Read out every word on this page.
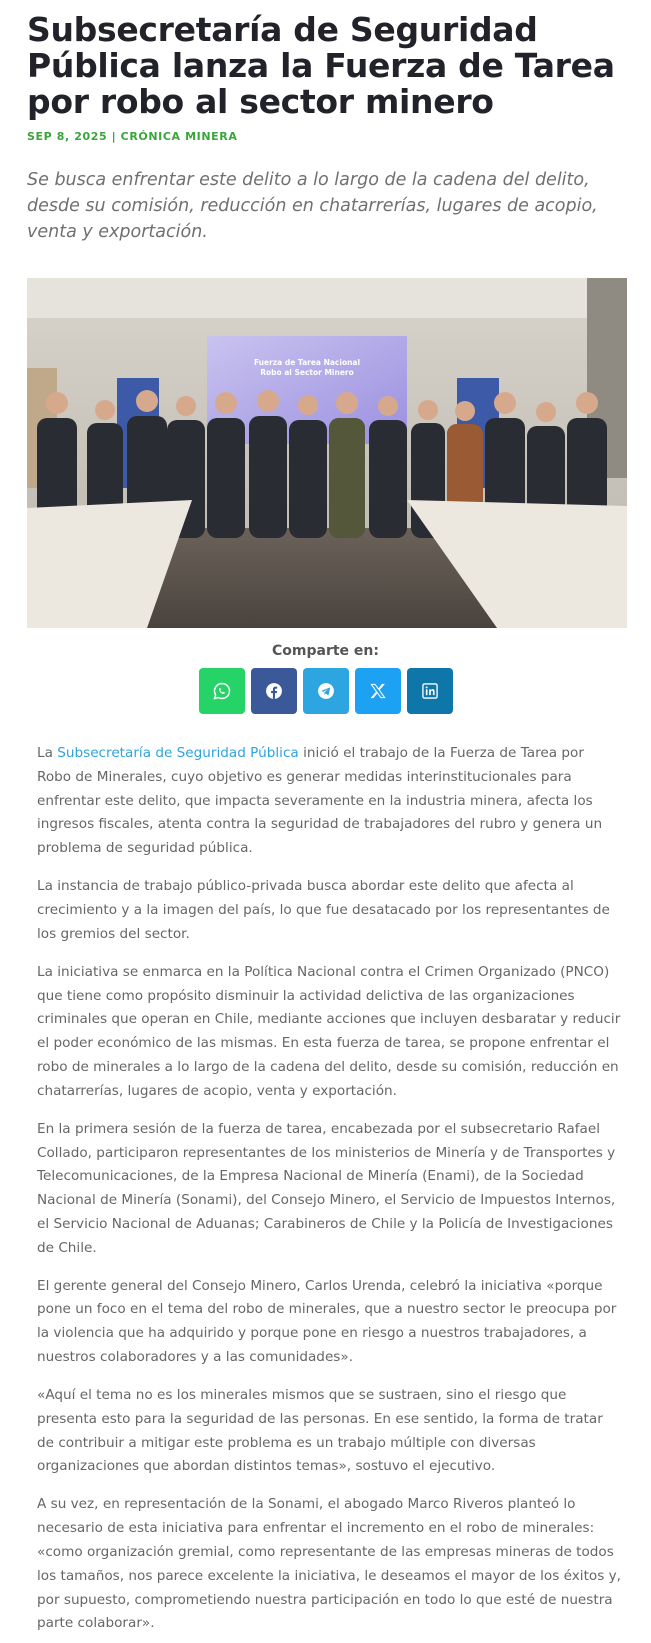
Subsecretaría de Seguridad Pública lanza la Fuerza de Tarea por robo al sector minero
SEP 8, 2025 | CRÓNICA MINERA
Se busca enfrentar este delito a lo largo de la cadena del delito, desde su comisión, reducción en chatarrerías, lugares de acopio, venta y exportación.
Fuerza de Tarea Nacional
Robo al Sector Minero
Comparte en:

La Subsecretaría de Seguridad Pública inició el trabajo de la Fuerza de Tarea por Robo de Minerales, cuyo objetivo es generar medidas interinstitucionales para enfrentar este delito, que impacta severamente en la industria minera, afecta los ingresos fiscales, atenta contra la seguridad de trabajadores del rubro y genera un problema de seguridad pública.

La instancia de trabajo público-privada busca abordar este delito que afecta al crecimiento y a la imagen del país, lo que fue desatacado por los representantes de los gremios del sector.

La iniciativa se enmarca en la Política Nacional contra el Crimen Organizado (PNCO) que tiene como propósito disminuir la actividad delictiva de las organizaciones criminales que operan en Chile, mediante acciones que incluyen desbaratar y reducir el poder económico de las mismas. En esta fuerza de tarea, se propone enfrentar el robo de minerales a lo largo de la cadena del delito, desde su comisión, reducción en chatarrerías, lugares de acopio, venta y exportación.

En la primera sesión de la fuerza de tarea, encabezada por el subsecretario Rafael Collado, participaron representantes de los ministerios de Minería y de Transportes y Telecomunicaciones, de la Empresa Nacional de Minería (Enami), de la Sociedad Nacional de Minería (Sonami), del Consejo Minero, el Servicio de Impuestos Internos, el Servicio Nacional de Aduanas; Carabineros de Chile y la Policía de Investigaciones de Chile.

El gerente general del Consejo Minero, Carlos Urenda, celebró la iniciativa «porque pone un foco en el tema del robo de minerales, que a nuestro sector le preocupa por la violencia que ha adquirido y porque pone en riesgo a nuestros trabajadores, a nuestros colaboradores y a las comunidades».

«Aquí el tema no es los minerales mismos que se sustraen, sino el riesgo que presenta esto para la seguridad de las personas. En ese sentido, la forma de tratar de contribuir a mitigar este problema es un trabajo múltiple con diversas organizaciones que abordan distintos temas», sostuvo el ejecutivo.

A su vez, en representación de la Sonami, el abogado Marco Riveros planteó lo necesario de esta iniciativa para enfrentar el incremento en el robo de minerales: «como organización gremial, como representante de las empresas mineras de todos los tamaños, nos parece excelente la iniciativa, le deseamos el mayor de los éxitos y, por supuesto, comprometiendo nuestra participación en todo lo que esté de nuestra parte colaborar».
